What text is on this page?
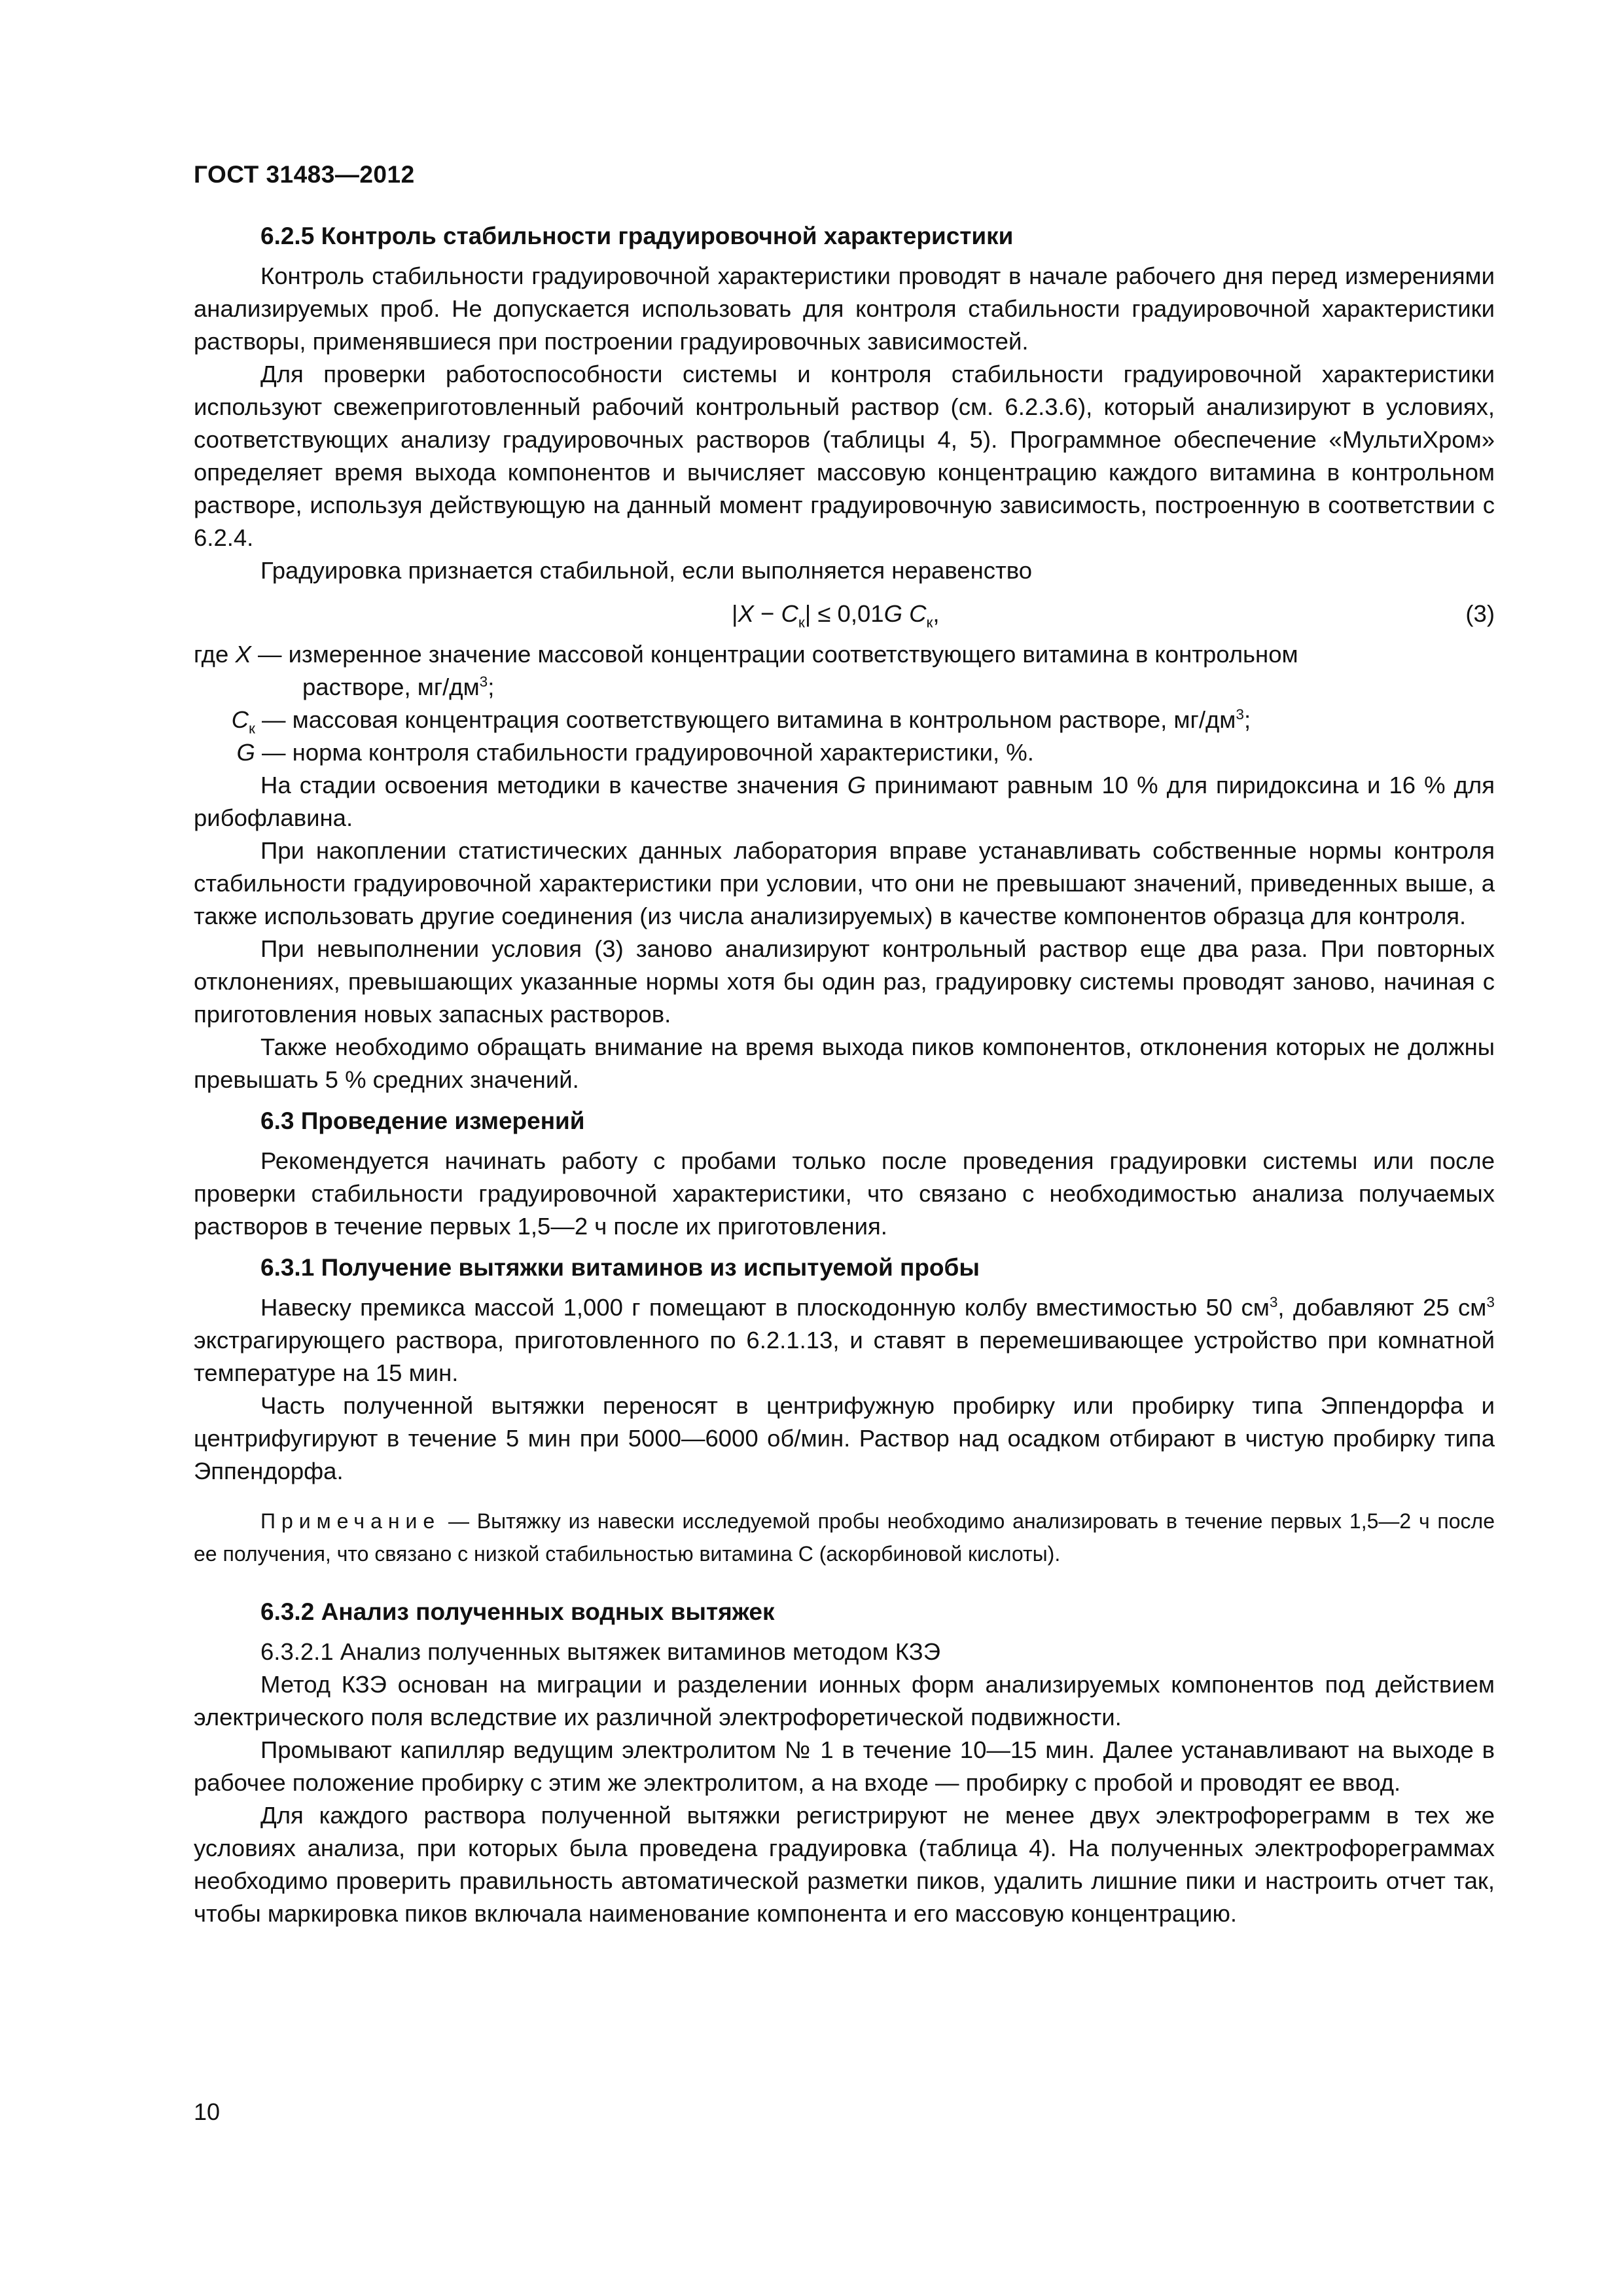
ГОСТ 31483—2012
6.2.5 Контроль стабильности градуировочной характеристики

Контроль стабильности градуировочной характеристики проводят в начале рабочего дня перед измерениями анализируемых проб. Не допускается использовать для контроля стабильности градуировочной характеристики растворы, применявшиеся при построении градуировочных зависимостей.

Для проверки работоспособности системы и контроля стабильности градуировочной характеристики используют свежеприготовленный рабочий контрольный раствор (см. 6.2.3.6), который анализируют в условиях, соответствующих анализу градуировочных растворов (таблицы 4, 5). Программное обеспечение «МультиХром» определяет время выхода компонентов и вычисляет массовую концентрацию каждого витамина в контрольном растворе, используя действующую на данный момент градуировочную зависимость, построенную в соответствии с 6.2.4.

Градуировка признается стабильной, если выполняется неравенство

$|X - C_к| \le 0,01G$ $C_к$,	(3)
где X — измеренное значение массовой концентрации соответствующего витамина в контрольном

растворе, $мг/дм^3$;

$C_к$ — массовая концентрация соответствующего витамина в контрольном растворе, $мг/дм^3$;
G — норма контроля стабильности градуировочной характеристики, %.

На стадии освоения методики в качестве значения G принимают равным 10 % для пиридоксина и 16 % для рибофлавина.

При накоплении статистических данных лаборатория вправе устанавливать собственные нормы контроля стабильности градуировочной характеристики при условии, что они не превышают значений, приведенных выше, а также использовать другие соединения (из числа анализируемых) в качестве компонентов образца для контроля.

При невыполнении условия (3) заново анализируют контрольный раствор еще два раза. При повторных отклонениях, превышающих указанные нормы хотя бы один раз, градуировку системы проводят заново, начиная с приготовления новых запасных растворов.

Также необходимо обращать внимание на время выхода пиков компонентов, отклонения которых не должны превышать 5 % средних значений.

6.3 Проведение измерений

Рекомендуется начинать работу с пробами только после проведения градуировки системы или после проверки стабильности градуировочной характеристики, что связано с необходимостью анализа получаемых растворов в течение первых 1,5—2 ч после их приготовления.

6.3.1 Получение вытяжки витаминов из испытуемой пробы

Навеску премикса массой 1,000 г помещают в плоскодонную колбу вместимостью 50 $см^3$, добавляют 25 $см^3$ экстрагирующего раствора, приготовленного по 6.2.1.13, и ставят в перемешивающее устройство при комнатной температуре на 15 мин.

Часть полученной вытяжки переносят в центрифужную пробирку или пробирку типа Эппендорфа и центрифугируют в течение 5 мин при 5000—6000 об/мин. Раствор над осадком отбирают в чистую пробирку типа Эппендорфа.

Примечание — Вытяжку из навески исследуемой пробы необходимо анализировать в течение первых 1,5—2 ч после ее получения, что связано с низкой стабильностью витамина С (аскорбиновой кислоты).

6.3.2 Анализ полученных водных вытяжек

6.3.2.1 Анализ полученных вытяжек витаминов методом КЗЭ

Метод КЗЭ основан на миграции и разделении ионных форм анализируемых компонентов под действием электрического поля вследствие их различной электрофоретической подвижности.

Промывают капилляр ведущим электролитом № 1 в течение 10—15 мин. Далее устанавливают на выходе в рабочее положение пробирку с этим же электролитом, а на входе — пробирку с пробой и проводят ее ввод.

Для каждого раствора полученной вытяжки регистрируют не менее двух электрофореграмм в тех же условиях анализа, при которых была проведена градуировка (таблица 4). На полученных электрофореграммах необходимо проверить правильность автоматической разметки пиков, удалить лишние пики и настроить отчет так, чтобы маркировка пиков включала наименование компонента и его массовую концентрацию.

10
